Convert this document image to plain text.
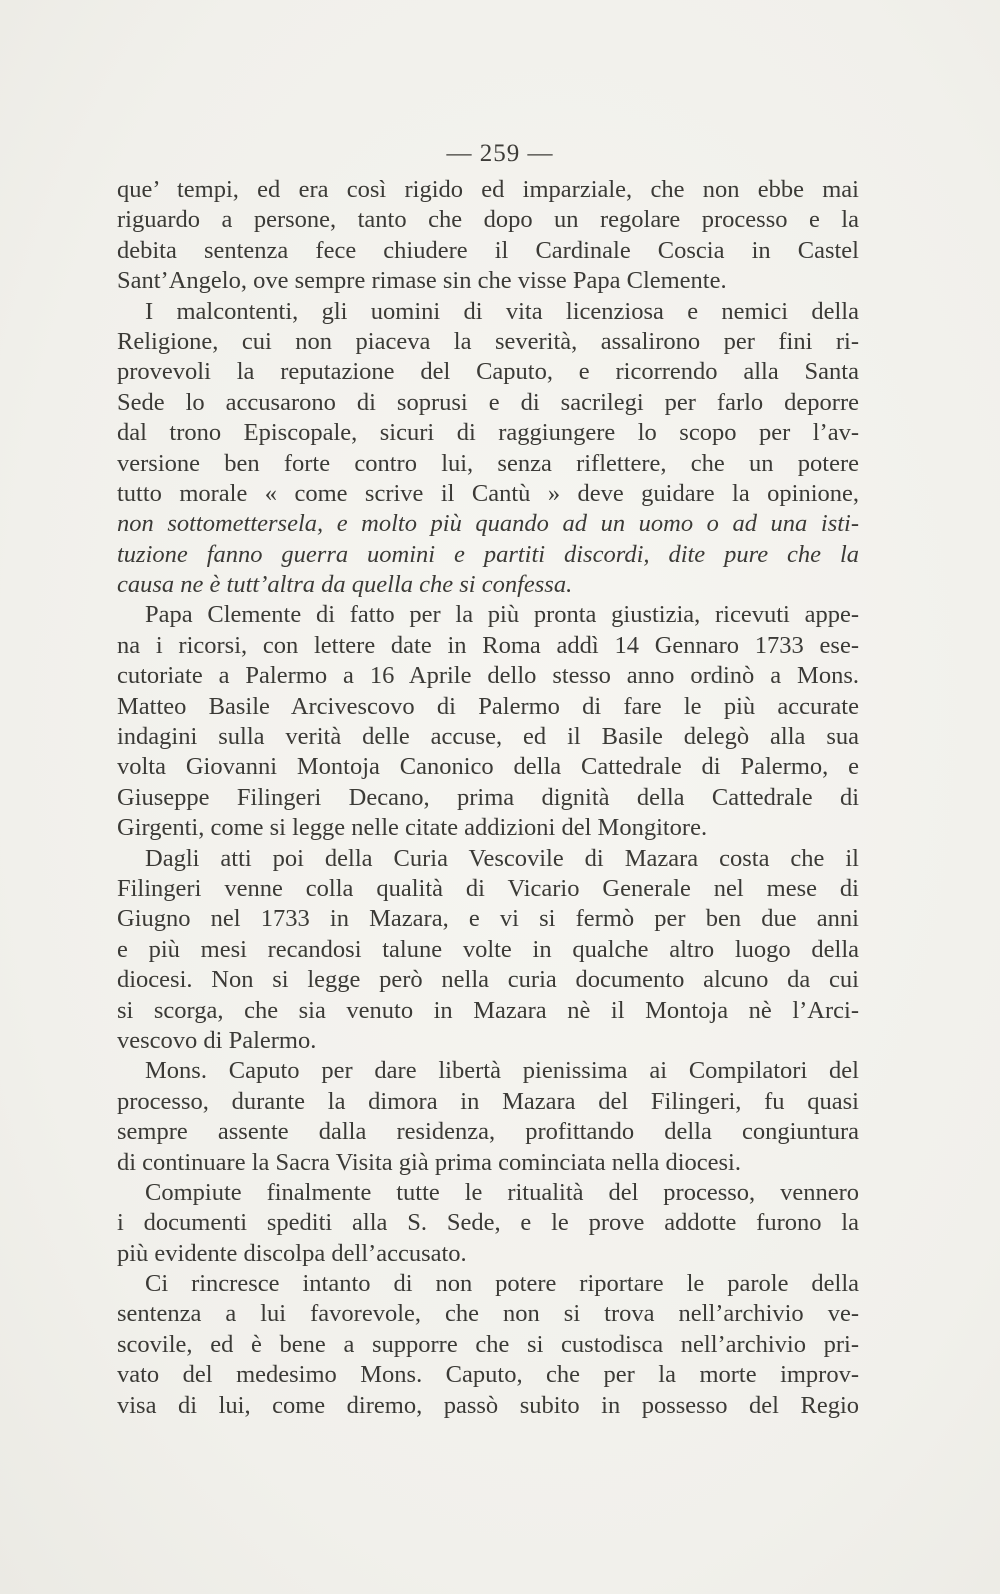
— 259 —
que’ tempi, ed era così rigido ed imparziale, che non ebbe mai
riguardo a persone, tanto che dopo un regolare processo e la
debita sentenza fece chiudere il Cardinale Coscia in Castel
Sant’Angelo, ove sempre rimase sin che visse Papa Clemente.
I malcontenti, gli uomini di vita licenziosa e nemici della
Religione, cui non piaceva la severità, assalirono per fini ri-
provevoli la reputazione del Caputo, e ricorrendo alla Santa
Sede lo accusarono di soprusi e di sacrilegi per farlo deporre
dal trono Episcopale, sicuri di raggiungere lo scopo per l’av-
versione ben forte contro lui, senza riflettere, che un potere
tutto morale « come scrive il Cantù » deve guidare la opinione,
non sottomettersela, e molto più quando ad un uomo o ad una isti-
tuzione fanno guerra uomini e partiti discordi, dite pure che la
causa ne è tutt’altra da quella che si confessa.
Papa Clemente di fatto per la più pronta giustizia, ricevuti appe-
na i ricorsi, con lettere date in Roma addì 14 Gennaro 1733 ese-
cutoriate a Palermo a 16 Aprile dello stesso anno ordinò a Mons.
Matteo Basile Arcivescovo di Palermo di fare le più accurate
indagini sulla verità delle accuse, ed il Basile delegò alla sua
volta Giovanni Montoja Canonico della Cattedrale di Palermo, e
Giuseppe Filingeri Decano, prima dignità della Cattedrale di
Girgenti, come si legge nelle citate addizioni del Mongitore.
Dagli atti poi della Curia Vescovile di Mazara costa che il
Filingeri venne colla qualità di Vicario Generale nel mese di
Giugno nel 1733 in Mazara, e vi si fermò per ben due anni
e più mesi recandosi talune volte in qualche altro luogo della
diocesi. Non si legge però nella curia documento alcuno da cui
si scorga, che sia venuto in Mazara nè il Montoja nè l’Arci-
vescovo di Palermo.
Mons. Caputo per dare libertà pienissima ai Compilatori del
processo, durante la dimora in Mazara del Filingeri, fu quasi
sempre assente dalla residenza, profittando della congiuntura
di continuare la Sacra Visita già prima cominciata nella diocesi.
Compiute finalmente tutte le ritualità del processo, vennero
i documenti spediti alla S. Sede, e le prove addotte furono la
più evidente discolpa dell’accusato.
Ci rincresce intanto di non potere riportare le parole della
sentenza a lui favorevole, che non si trova nell’archivio ve-
scovile, ed è bene a supporre che si custodisca nell’archivio pri-
vato del medesimo Mons. Caputo, che per la morte improv-
visa di lui, come diremo, passò subito in possesso del Regio
